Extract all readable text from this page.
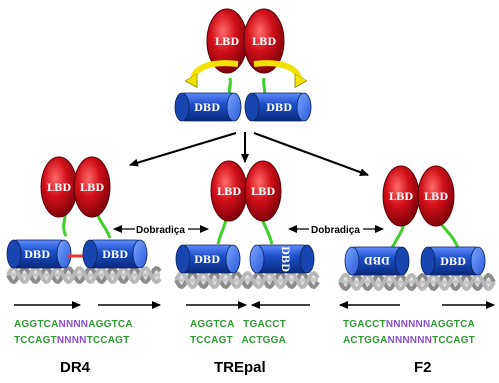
LBD LBD
DBD	DBD
LBD LBD	LBD LBD	LBD LBD
DBD	DBD	DBD	DBD	DBD	DBD
Dobradiça	Dobradiça
AGGTCANNNNAGGTCA
TCCAGTNNNNTCCAGT
DR4
AGGTCA TGACCT
TCCAGT ACTGGA
TREpal
TGACCTNNNNNNAGGTCA
ACTGGANNNNNNTCCAGT
F2
